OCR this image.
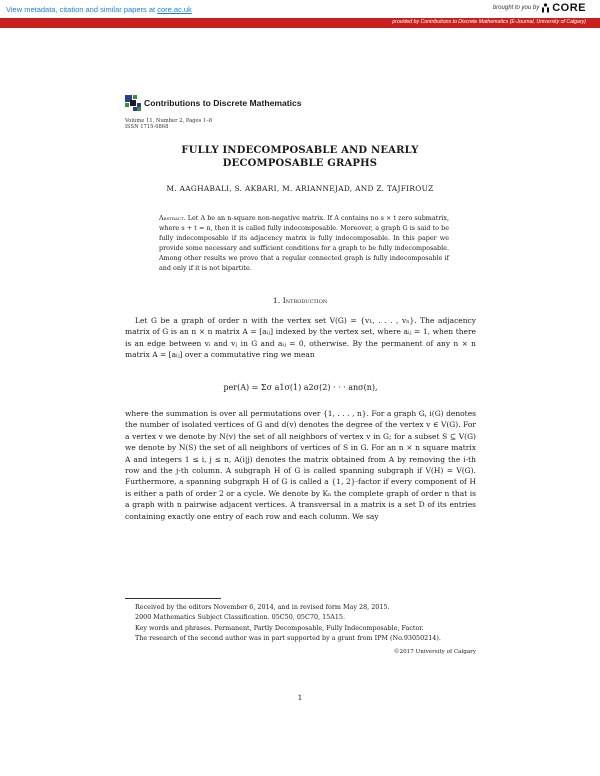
View metadata, citation and similar papers at core.ac.uk	brought to you by CORE
provided by Contributions to Discrete Mathematics (E-Journal, University of Calgary)
Contributions to Discrete Mathematics
Volume 11, Number 2, Pages 1–8
ISSN 1715-0868
FULLY INDECOMPOSABLE AND NEARLY
DECOMPOSABLE GRAPHS
M. AAGHABALI, S. AKBARI, M. ARIANNEJAD, AND Z. TAJFIROUZ
Abstract. Let A be an n-square non-negative matrix. If A contains no s × t zero submatrix, where s + t = n, then it is called fully indecomposable. Moreover, a graph G is said to be fully indecomposable if its adjacency matrix is fully indecomposable. In this paper we provide some necessary and sufficient conditions for a graph to be fully indecomposable. Among other results we prove that a regular connected graph is fully indecomposable if and only if it is not bipartite.
1. Introduction
Let G be a graph of order n with the vertex set V(G) = {v₁, . . . , vₙ}. The adjacency matrix of G is an n × n matrix A = [aᵢⱼ] indexed by the vertex set, where aᵢⱼ = 1, when there is an edge between vᵢ and vⱼ in G and aᵢⱼ = 0, otherwise. By the permanent of any n × n matrix A = [aᵢⱼ] over a commutative ring we mean
per(A) = Σσ a1σ(1) a2σ(2) · · · anσ(n),
where the summation is over all permutations over {1, . . . , n}. For a graph G, i(G) denotes the number of isolated vertices of G and d(v) denotes the degree of the vertex v ∈ V(G). For a vertex v we denote by N(v) the set of all neighbors of vertex v in G; for a subset S ⊆ V(G) we denote by N(S) the set of all neighbors of vertices of S in G. For an n × n square matrix A and integers 1 ≤ i, j ≤ n, A(i|j) denotes the matrix obtained from A by removing the i-th row and the j-th column. A subgraph H of G is called spanning subgraph if V(H) = V(G). Furthermore, a spanning subgraph H of G is called a {1, 2}-factor if every component of H is either a path of order 2 or a cycle. We denote by Kₙ the complete graph of order n that is a graph with n pairwise adjacent vertices. A transversal in a matrix is a set D of its entries containing exactly one entry of each row and each column. We say
Received by the editors November 6, 2014, and in revised form May 28, 2015.
2000 Mathematics Subject Classification. 05C50, 05C70, 15A15.
Key words and phrases. Permanent, Partly Decomposable, Fully Indecomposable, Factor.
The research of the second author was in part supported by a grant from IPM (No.93050214).
©2017 University of Calgary
1
